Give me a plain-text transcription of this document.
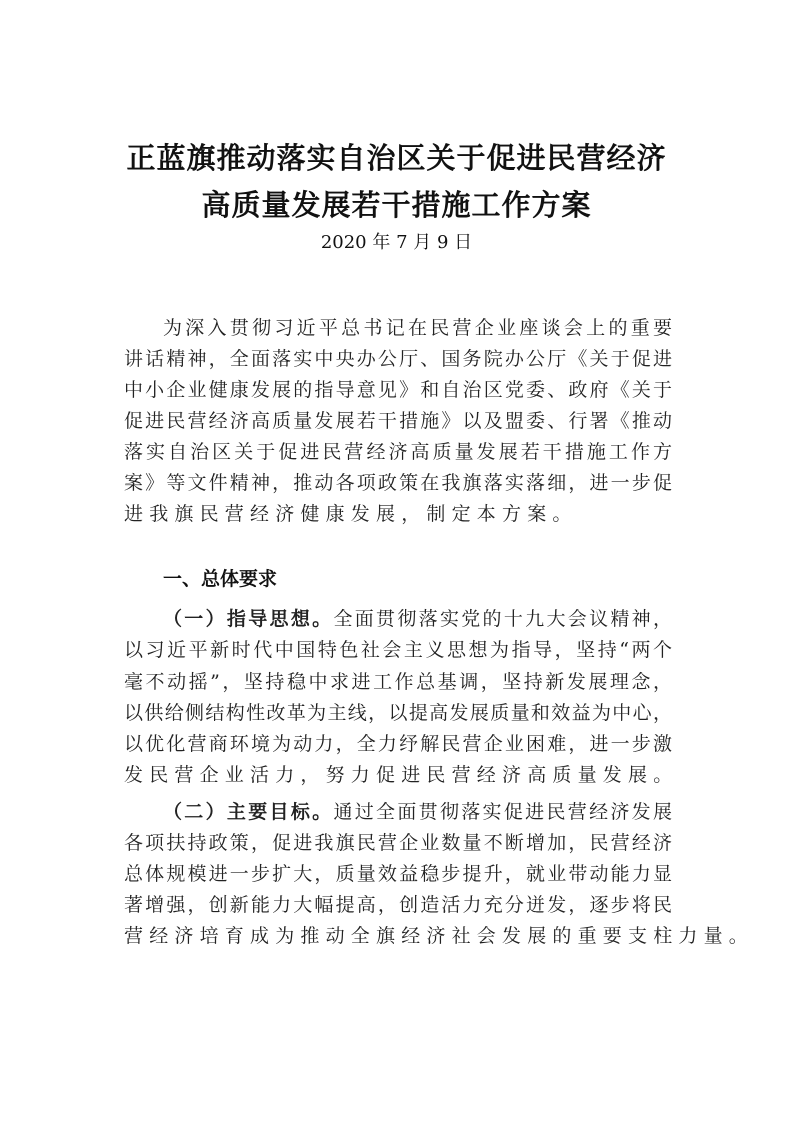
正蓝旗推动落实自治区关于促进民营经济
高质量发展若干措施工作方案
2020 年 7 月 9 日
为深入贯彻习近平总书记在民营企业座谈会上的重要
讲话精神，全面落实中央办公厅、国务院办公厅《关于促进
中小企业健康发展的指导意见》和自治区党委、政府《关于
促进民营经济高质量发展若干措施》以及盟委、行署《推动
落实自治区关于促进民营经济高质量发展若干措施工作方
案》等文件精神，推动各项政策在我旗落实落细，进一步促
进我旗民营经济健康发展，制定本方案。
一、总体要求
（一）指导思想。全面贯彻落实党的十九大会议精神，
以习近平新时代中国特色社会主义思想为指导，坚持“两个
毫不动摇”，坚持稳中求进工作总基调，坚持新发展理念，
以供给侧结构性改革为主线，以提高发展质量和效益为中心，
以优化营商环境为动力，全力纾解民营企业困难，进一步激
发民营企业活力，努力促进民营经济高质量发展。
（二）主要目标。通过全面贯彻落实促进民营经济发展
各项扶持政策，促进我旗民营企业数量不断增加，民营经济
总体规模进一步扩大，质量效益稳步提升，就业带动能力显
著增强，创新能力大幅提高，创造活力充分迸发，逐步将民
营经济培育成为推动全旗经济社会发展的重要支柱力量。
